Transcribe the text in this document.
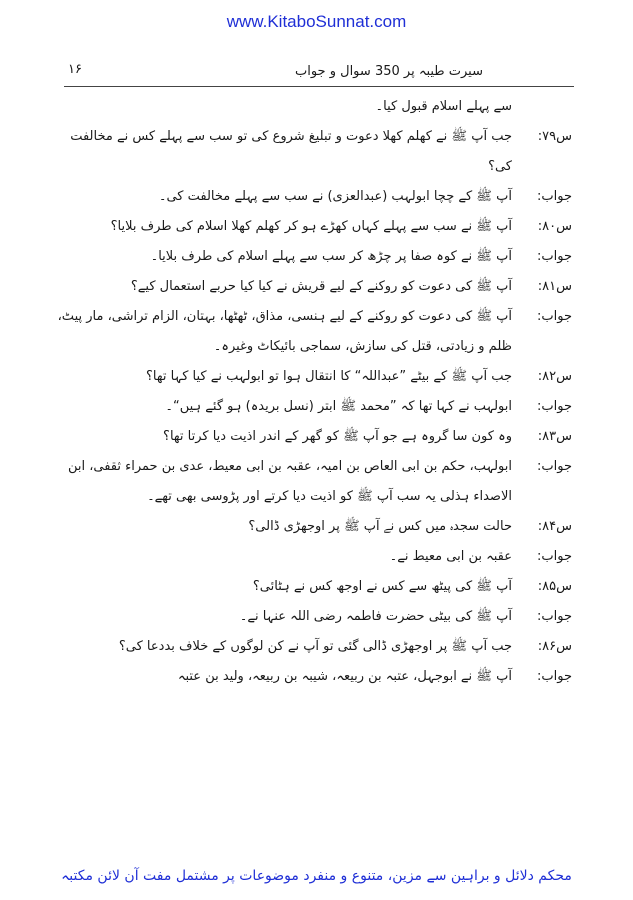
www.KitaboSunnat.com
۱۶	سیرت طیبہ پر 350 سوال و جواب
سے پہلے اسلام قبول کیا۔
س۷۹:
جب آپ ﷺ نے کھلم کھلا دعوت و تبلیغ شروع کی تو سب سے پہلے کس نے مخالفت کی؟
جواب:
آپ ﷺ کے چچا ابولہب (عبدالعزی) نے سب سے پہلے مخالفت کی۔
س۸۰:
آپ ﷺ نے سب سے پہلے کہاں کھڑے ہو کر کھلم کھلا اسلام کی طرف بلایا؟
جواب:
آپ ﷺ نے کوہ صفا پر چڑھ کر سب سے پہلے اسلام کی طرف بلایا۔
س۸۱:
آپ ﷺ کی دعوت کو روکنے کے لیے قریش نے کیا کیا حربے استعمال کیے؟
جواب:
آپ ﷺ کی دعوت کو روکنے کے لیے ہنسی، مذاق، ٹھٹھا، بہتان، الزام تراشی، مار پیٹ، ظلم و زیادتی، قتل کی سازش، سماجی بائیکاٹ وغیرہ۔
س۸۲:
جب آپ ﷺ کے بیٹے ”عبداللہ“ کا انتقال ہوا تو ابولہب نے کیا کہا تھا؟
جواب:
ابولہب نے کہا تھا کہ ”محمد ﷺ ابتر (نسل بریدہ) ہو گئے ہیں“۔
س۸۳:
وہ کون سا گروہ ہے جو آپ ﷺ کو گھر کے اندر اذیت دیا کرتا تھا؟
جواب:
ابولہب، حکم بن ابی العاص بن امیہ، عقبہ بن ابی معیط، عدی بن حمراء ثقفی، ابن الاصداء ہذلی یہ سب آپ ﷺ کو اذیت دیا کرتے اور پڑوسی بھی تھے۔
س۸۴:
حالت سجدہ میں کس نے آپ ﷺ پر اوجھڑی ڈالی؟
جواب:
عقبہ بن ابی معیط نے۔
س۸۵:
آپ ﷺ کی پیٹھ سے کس نے اوجھ کس نے ہٹائی؟
جواب:
آپ ﷺ کی بیٹی حضرت فاطمہ رضی اللہ عنہا نے۔
س۸۶:
جب آپ ﷺ پر اوجھڑی ڈالی گئی تو آپ نے کن لوگوں کے خلاف بددعا کی؟
جواب:
آپ ﷺ نے ابوجہل، عتبہ بن ربیعہ، شیبہ بن ربیعہ، ولید بن عتبہ
محکم دلائل و براہین سے مزین، متنوع و منفرد موضوعات پر مشتمل مفت آن لائن مکتبہ
